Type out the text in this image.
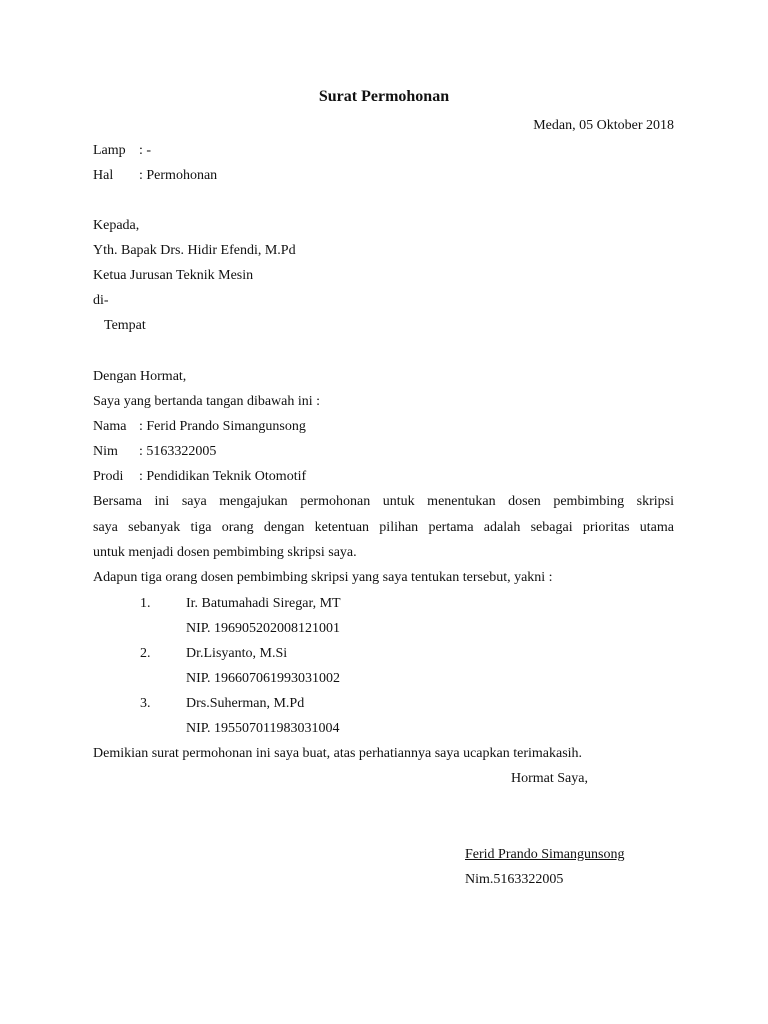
Surat Permohonan
Medan, 05 Oktober 2018
Lamp : -
Hal : Permohonan
Kepada,
Yth. Bapak Drs. Hidir Efendi, M.Pd
Ketua Jurusan Teknik Mesin
di-
Tempat
Dengan Hormat,
Saya yang bertanda tangan dibawah ini :
Nama : Ferid Prando Simangunsong
Nim : 5163322005
Prodi : Pendidikan Teknik Otomotif
Bersama ini saya mengajukan permohonan untuk menentukan dosen pembimbing skripsi
saya sebanyak tiga orang dengan ketentuan pilihan pertama adalah sebagai prioritas utama
untuk menjadi dosen pembimbing skripsi saya.
Adapun tiga orang dosen pembimbing skripsi yang saya tentukan tersebut, yakni :
1.	Ir. Batumahadi Siregar, MT
NIP. 196905202008121001
2.	Dr.Lisyanto, M.Si
NIP. 196607061993031002
3.	Drs.Suherman, M.Pd
NIP. 195507011983031004
Demikian surat permohonan ini saya buat, atas perhatiannya saya ucapkan terimakasih.
Hormat Saya,
Ferid Prando Simangunsong
Nim.5163322005
